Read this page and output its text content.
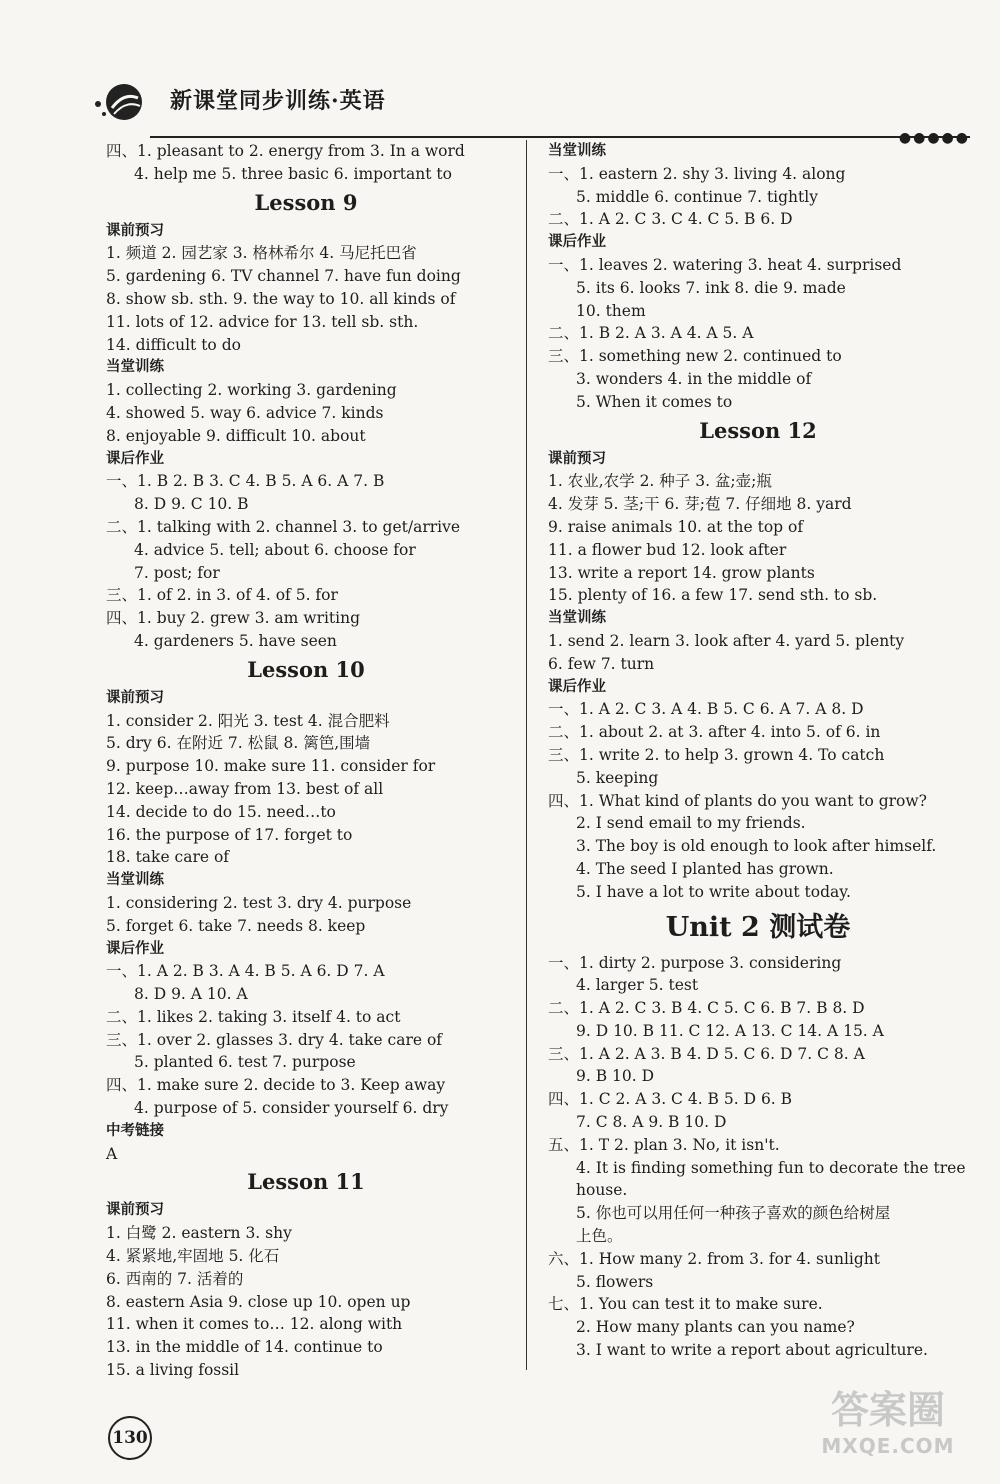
新课堂同步训练·英语
●●●●●
四、1. pleasant to 2. energy from 3. In a word
4. help me 5. three basic 6. important to
Lesson 9
课前预习
1. 频道 2. 园艺家 3. 格林希尔 4. 马尼托巴省
5. gardening 6. TV channel 7. have fun doing
8. show sb. sth. 9. the way to 10. all kinds of
11. lots of 12. advice for 13. tell sb. sth.
14. difficult to do
当堂训练
1. collecting 2. working 3. gardening
4. showed 5. way 6. advice 7. kinds
8. enjoyable 9. difficult 10. about
课后作业
一、1. B 2. B 3. C 4. B 5. A 6. A 7. B
8. D 9. C 10. B
二、1. talking with 2. channel 3. to get/arrive
4. advice 5. tell; about 6. choose for
7. post; for
三、1. of 2. in 3. of 4. of 5. for
四、1. buy 2. grew 3. am writing
4. gardeners 5. have seen
Lesson 10
课前预习
1. consider 2. 阳光 3. test 4. 混合肥料
5. dry 6. 在附近 7. 松鼠 8. 篱笆,围墙
9. purpose 10. make sure 11. consider for
12. keep…away from 13. best of all
14. decide to do 15. need…to
16. the purpose of 17. forget to
18. take care of
当堂训练
1. considering 2. test 3. dry 4. purpose
5. forget 6. take 7. needs 8. keep
课后作业
一、1. A 2. B 3. A 4. B 5. A 6. D 7. A
8. D 9. A 10. A
二、1. likes 2. taking 3. itself 4. to act
三、1. over 2. glasses 3. dry 4. take care of
5. planted 6. test 7. purpose
四、1. make sure 2. decide to 3. Keep away
4. purpose of 5. consider yourself 6. dry
中考链接
A
Lesson 11
课前预习
1. 白鹭 2. eastern 3. shy
4. 紧紧地,牢固地 5. 化石
6. 西南的 7. 活着的
8. eastern Asia 9. close up 10. open up
11. when it comes to… 12. along with
13. in the middle of 14. continue to
15. a living fossil
当堂训练
一、1. eastern 2. shy 3. living 4. along
5. middle 6. continue 7. tightly
二、1. A 2. C 3. C 4. C 5. B 6. D
课后作业
一、1. leaves 2. watering 3. heat 4. surprised
5. its 6. looks 7. ink 8. die 9. made
10. them
二、1. B 2. A 3. A 4. A 5. A
三、1. something new 2. continued to
3. wonders 4. in the middle of
5. When it comes to
Lesson 12
课前预习
1. 农业,农学 2. 种子 3. 盆;壶;瓶
4. 发芽 5. 茎;干 6. 芽;苞 7. 仔细地 8. yard
9. raise animals 10. at the top of
11. a flower bud 12. look after
13. write a report 14. grow plants
15. plenty of 16. a few 17. send sth. to sb.
当堂训练
1. send 2. learn 3. look after 4. yard 5. plenty
6. few 7. turn
课后作业
一、1. A 2. C 3. A 4. B 5. C 6. A 7. A 8. D
二、1. about 2. at 3. after 4. into 5. of 6. in
三、1. write 2. to help 3. grown 4. To catch
5. keeping
四、1. What kind of plants do you want to grow?
2. I send email to my friends.
3. The boy is old enough to look after himself.
4. The seed I planted has grown.
5. I have a lot to write about today.
Unit 2 测试卷
一、1. dirty 2. purpose 3. considering
4. larger 5. test
二、1. A 2. C 3. B 4. C 5. C 6. B 7. B 8. D
9. D 10. B 11. C 12. A 13. C 14. A 15. A
三、1. A 2. A 3. B 4. D 5. C 6. D 7. C 8. A
9. B 10. D
四、1. C 2. A 3. C 4. B 5. D 6. B
7. C 8. A 9. B 10. D
五、1. T 2. plan 3. No, it isn't.
4. It is finding something fun to decorate the tree
house.
5. 你也可以用任何一种孩子喜欢的颜色给树屋
上色。
六、1. How many 2. from 3. for 4. sunlight
5. flowers
七、1. You can test it to make sure.
2. How many plants can you name?
3. I want to write a report about agriculture.
130
答案圈
MXQE.COM
